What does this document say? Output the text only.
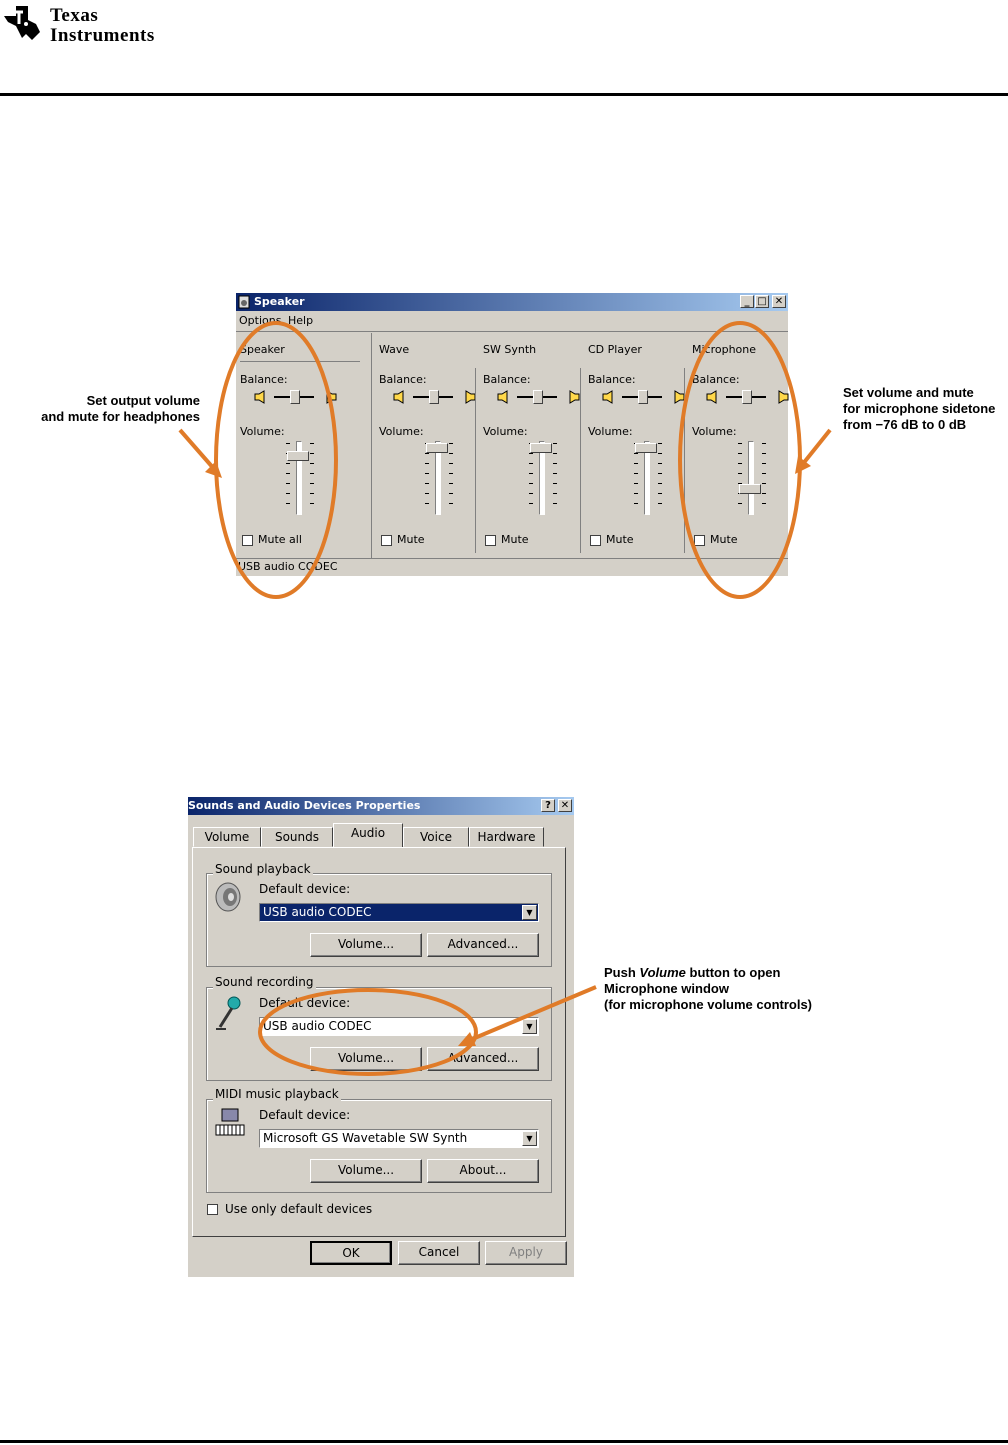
Texas
Instruments
Speaker	_ □ ✕
Options Help
Speaker
Balance:
Volume:
Mute all
Wave
Balance:
Volume:
Mute
SW Synth
Balance:
Volume:
Mute
CD Player
Balance:
Volume:
Mute
Microphone
Balance:
Volume:
Mute
USB audio CODEC
Set output volume
and mute for headphones
Set volume and mute
for microphone sidetone
from −76 dB to 0 dB
Sounds and Audio Devices Properties	? ✕
Volume	Sounds	Audio	Voice	Hardware
Sound playback
Default device:
USB audio CODEC	▼
Volume...	Advanced...
Sound recording
Default device:
USB audio CODEC	▼
Volume...	Advanced...
MIDI music playback
Default device:
Microsoft GS Wavetable SW Synth	▼
Volume...	About...
Use only default devices
OK	Cancel	Apply
Push Volume button to open
Microphone window
(for microphone volume controls)
